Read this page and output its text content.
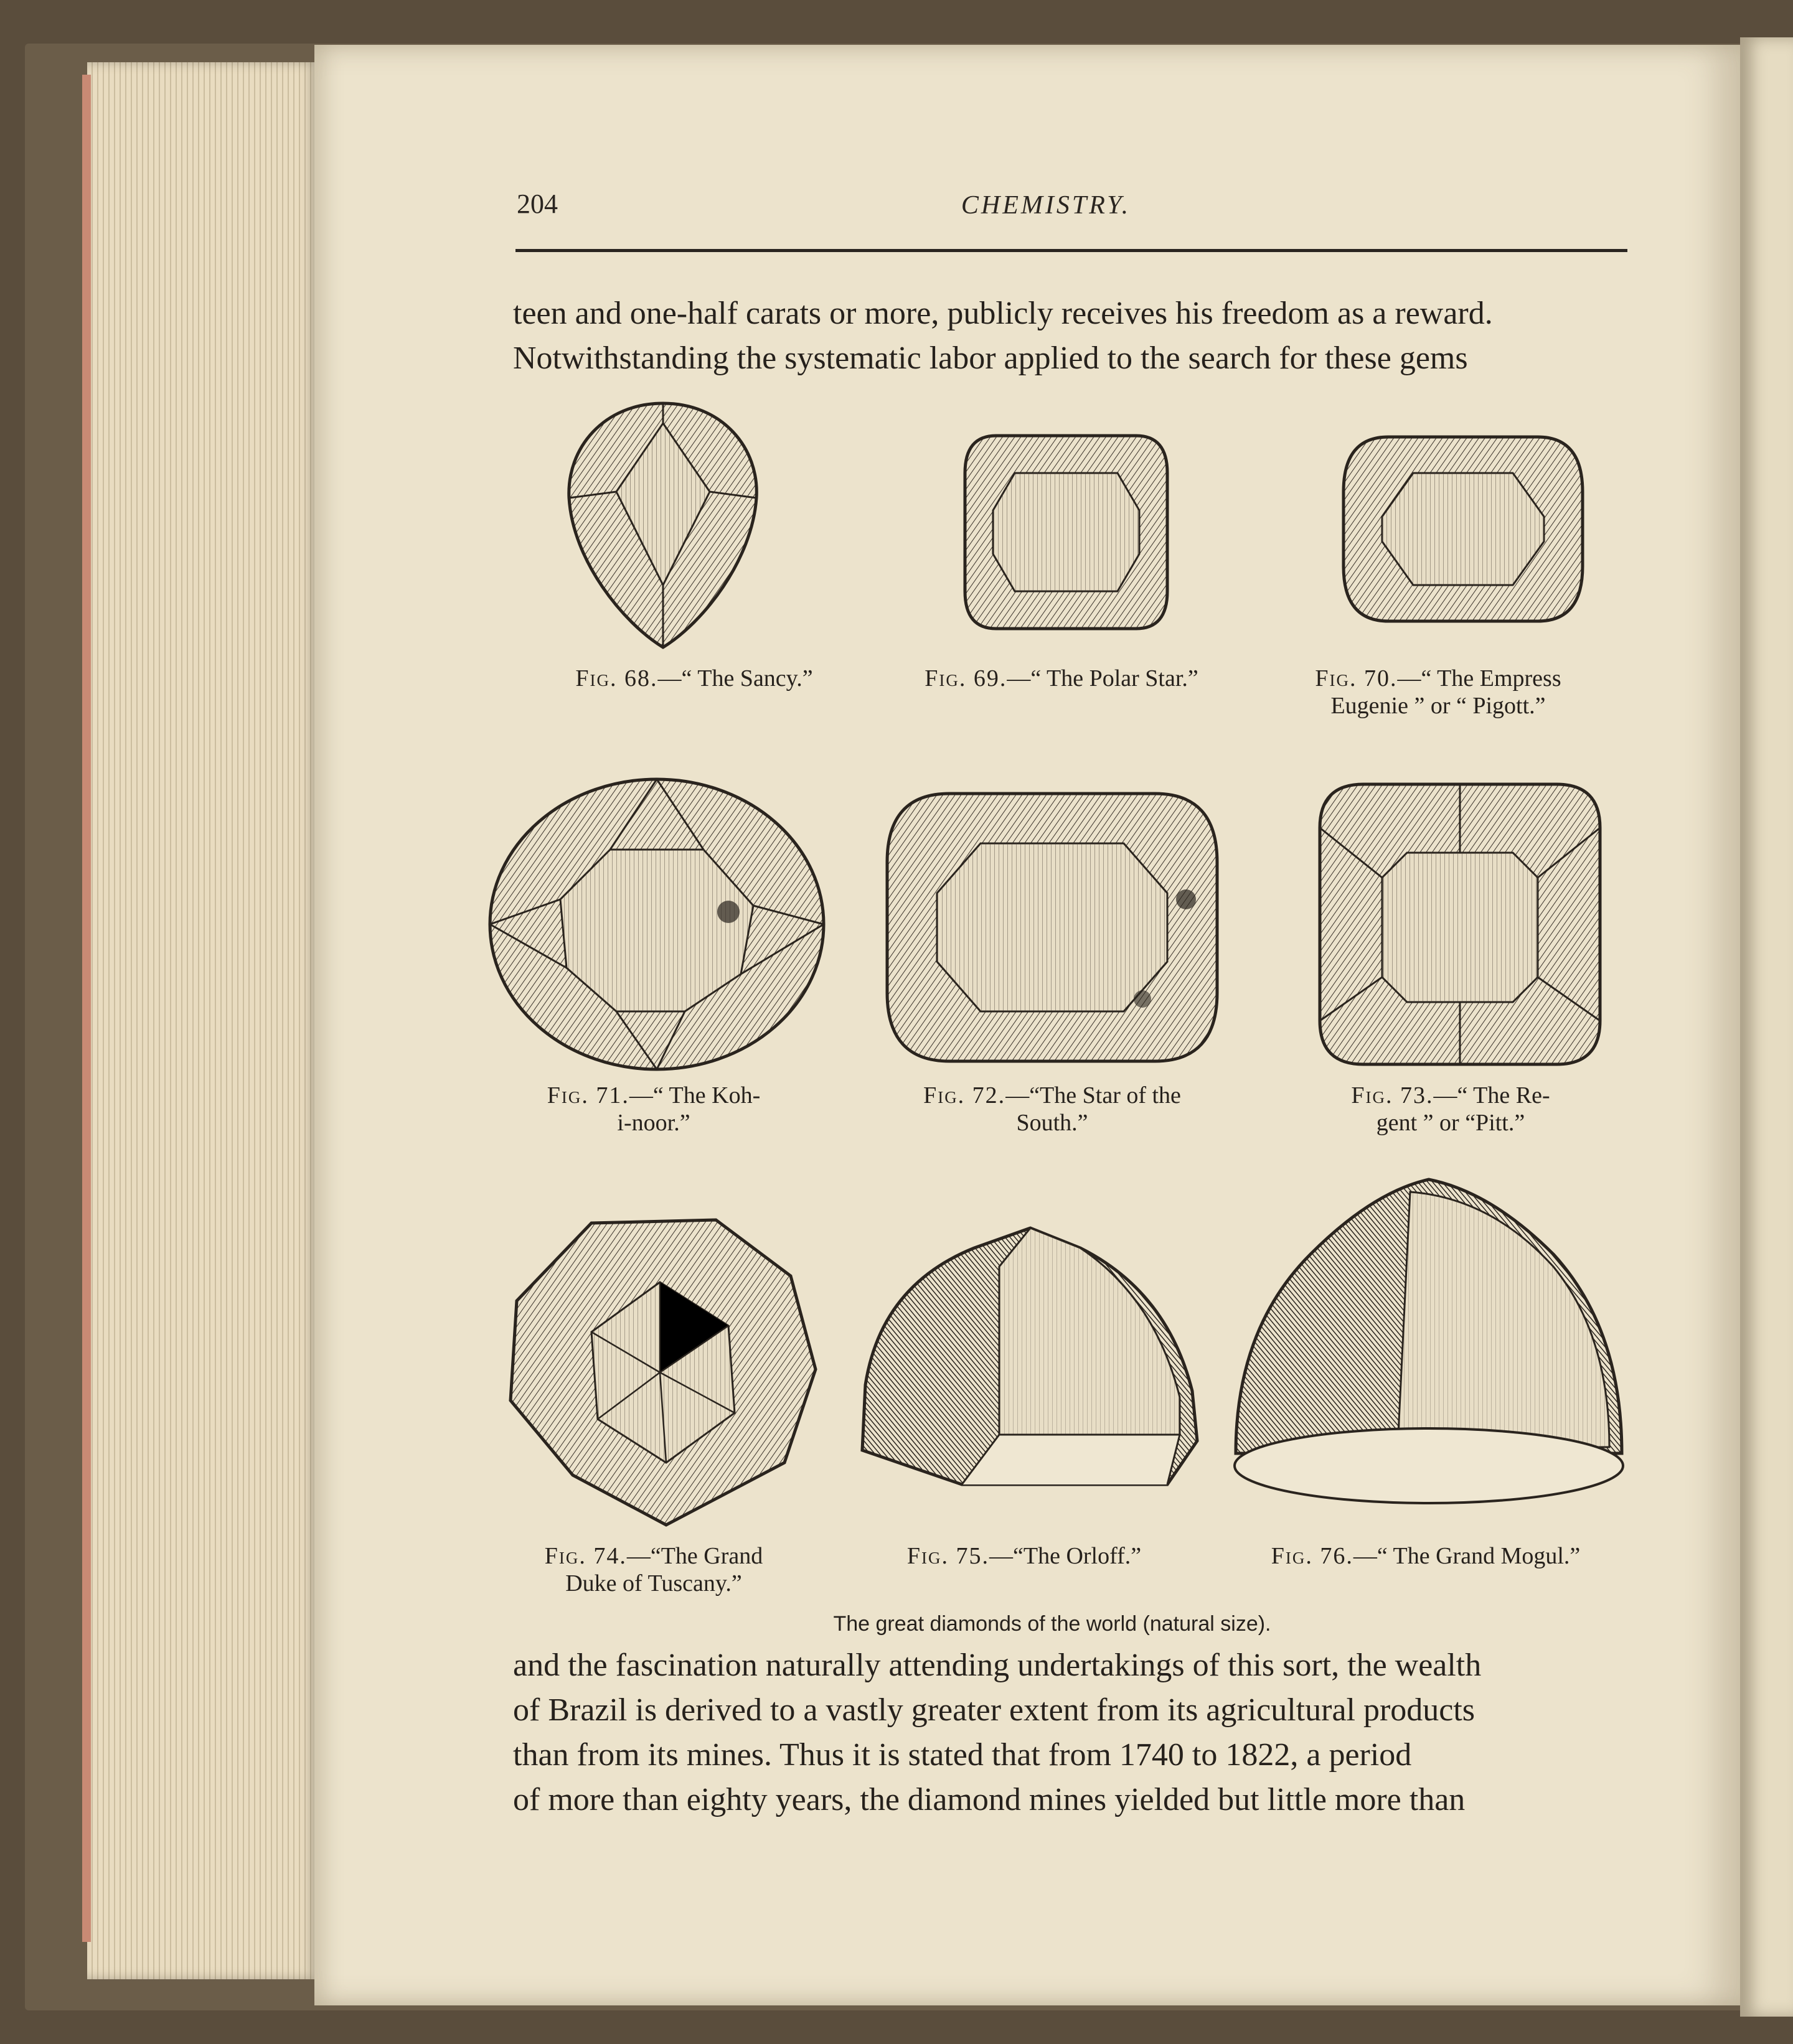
204	CHEMISTRY.

teen and one-half carats or more, publicly receives his freedom as a reward.

Notwithstanding the systematic labor applied to the search for these gems

Fig. 68.—“ The Sancy.”	Fig. 69.—“ The Polar Star.”	Fig. 70.—“ The Empress
Eugenie ” or “ Pigott.”
Fig. 71.—“ The Koh-
i-noor.”
Fig. 72.—“The Star of the
South.”
Fig. 73.—“ The Re-
gent ” or “Pitt.”
Fig. 74.—“The Grand
Duke of Tuscany.”
Fig. 75.—“The Orloff.”	Fig. 76.—“ The Grand Mogul.”
The great diamonds of the world (natural size).

and the fascination naturally attending undertakings of this sort, the wealth

of Brazil is derived to a vastly greater extent from its agricultural products

than from its mines. Thus it is stated that from 1740 to 1822, a period

of more than eighty years, the diamond mines yielded but little more than
